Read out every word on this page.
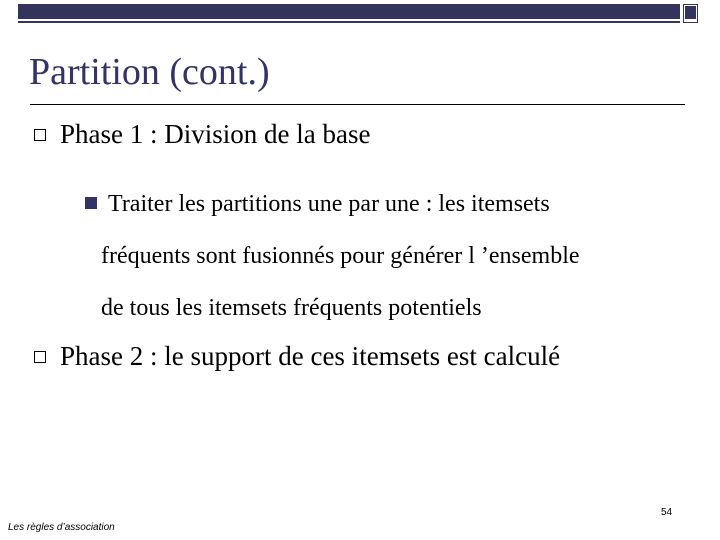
Partition (cont.)
Phase 1 : Division de la base
Traiter les partitions une par une : les itemsets
fréquents sont fusionnés pour générer l ’ensemble
de tous les itemsets fréquents potentiels
Phase 2 : le support de ces itemsets est calculé
54
Les règles d’association
